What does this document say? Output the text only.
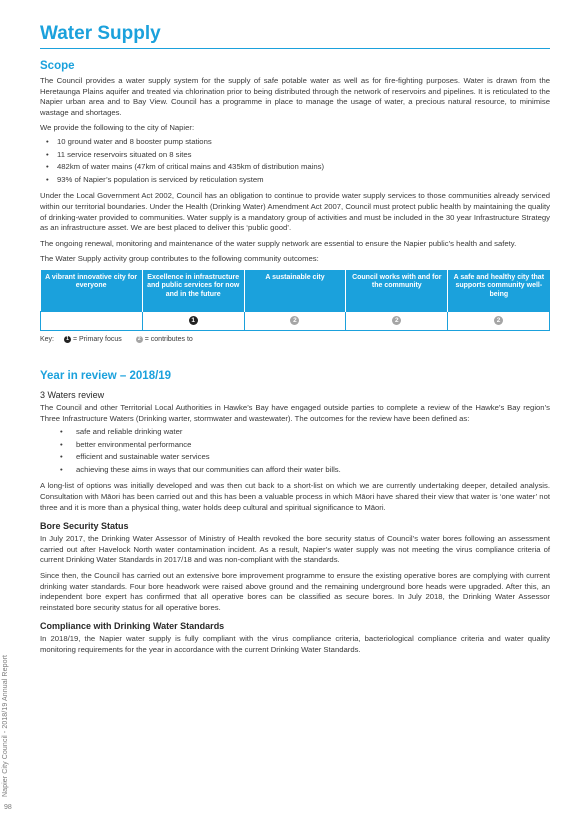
Water Supply
Scope

The Council provides a water supply system for the supply of safe potable water as well as for fire-fighting purposes. Water is drawn from the Heretaunga Plains aquifer and treated via chlorination prior to being distributed through the network of reservoirs and pipelines. It is reticulated to the Napier urban area and to Bay View. Council has a programme in place to manage the usage of water, a precious natural resource, to minimise wastage and shortages.

We provide the following to the city of Napier:

• 10 ground water and 8 booster pump stations
• 11 service reservoirs situated on 8 sites
• 482km of water mains (47km of critical mains and 435km of distribution mains)
• 93% of Napier’s population is serviced by reticulation system

Under the Local Government Act 2002, Council has an obligation to continue to provide water supply services to those communities already serviced within our territorial boundaries. Under the Health (Drinking Water) Amendment Act 2007, Council must protect public health by maintaining the quality of drinking-water provided to communities. Water supply is a mandatory group of activities and must be included in the 30 year Infrastructure Strategy as an infrastructure asset. We are best placed to deliver this ‘public good’.

The ongoing renewal, monitoring and maintenance of the water supply network are essential to ensure the Napier public’s health and safety.

The Water Supply activity group contributes to the following community outcomes:

A vibrant innovative city for everyone	Excellence in infrastructure and public services for now and in the future	A sustainable city	Council works with and for the community	A safe and healthy city that supports community well-being
	1	2	2	2
Key: 1 = Primary focus	2 = contributes to
Year in review – 2018/19
3 Waters review

The Council and other Territorial Local Authorities in Hawke’s Bay have engaged outside parties to complete a review of the Hawke’s Bay region’s Three Infrastructure Waters (Drinking warter, stormwater and wastewater). The outcomes for the review have been defined as:

• safe and reliable drinking water
• better environmental performance
• efficient and sustainable water services
• achieving these aims in ways that our communities can afford their water bills.

A long-list of options was initially developed and was then cut back to a short-list on which we are currently undertaking deeper, detailed analysis. Consultation with Māori has been carried out and this has been a valuable process in which Māori have shared their view that water is ‘one water’ not three and it is more than a physical thing, water holds deep cultural and spiritual significance to Māori.

Bore Security Status

In July 2017, the Drinking Water Assessor of Ministry of Health revoked the bore security status of Council’s water bores following an assessment carried out after Havelock North water contamination incident. As a result, Napier’s water supply was not meeting the virus compliance criteria of current Drinking Water Standards in 2017/18 and was non-compliant with the standards.

Since then, the Council has carried out an extensive bore improvement programme to ensure the existing operative bores are complying with current drinking water standards. Four bore headwork were raised above ground and the remaining underground bore heads were upgraded. After this, an independent bore expert has confirmed that all operative bores can be classified as secure bores. In July 2018, the Drinking Water Assessor reinstated bore security status for all operative bores.

Compliance with Drinking Water Standards

In 2018/19, the Napier water supply is fully compliant with the virus compliance criteria, bacteriological compliance criteria and water quality monitoring requirements for the year in accordance with the current Drinking Water Standards.

Napier City Council - 2018/19 Annual Report
98
